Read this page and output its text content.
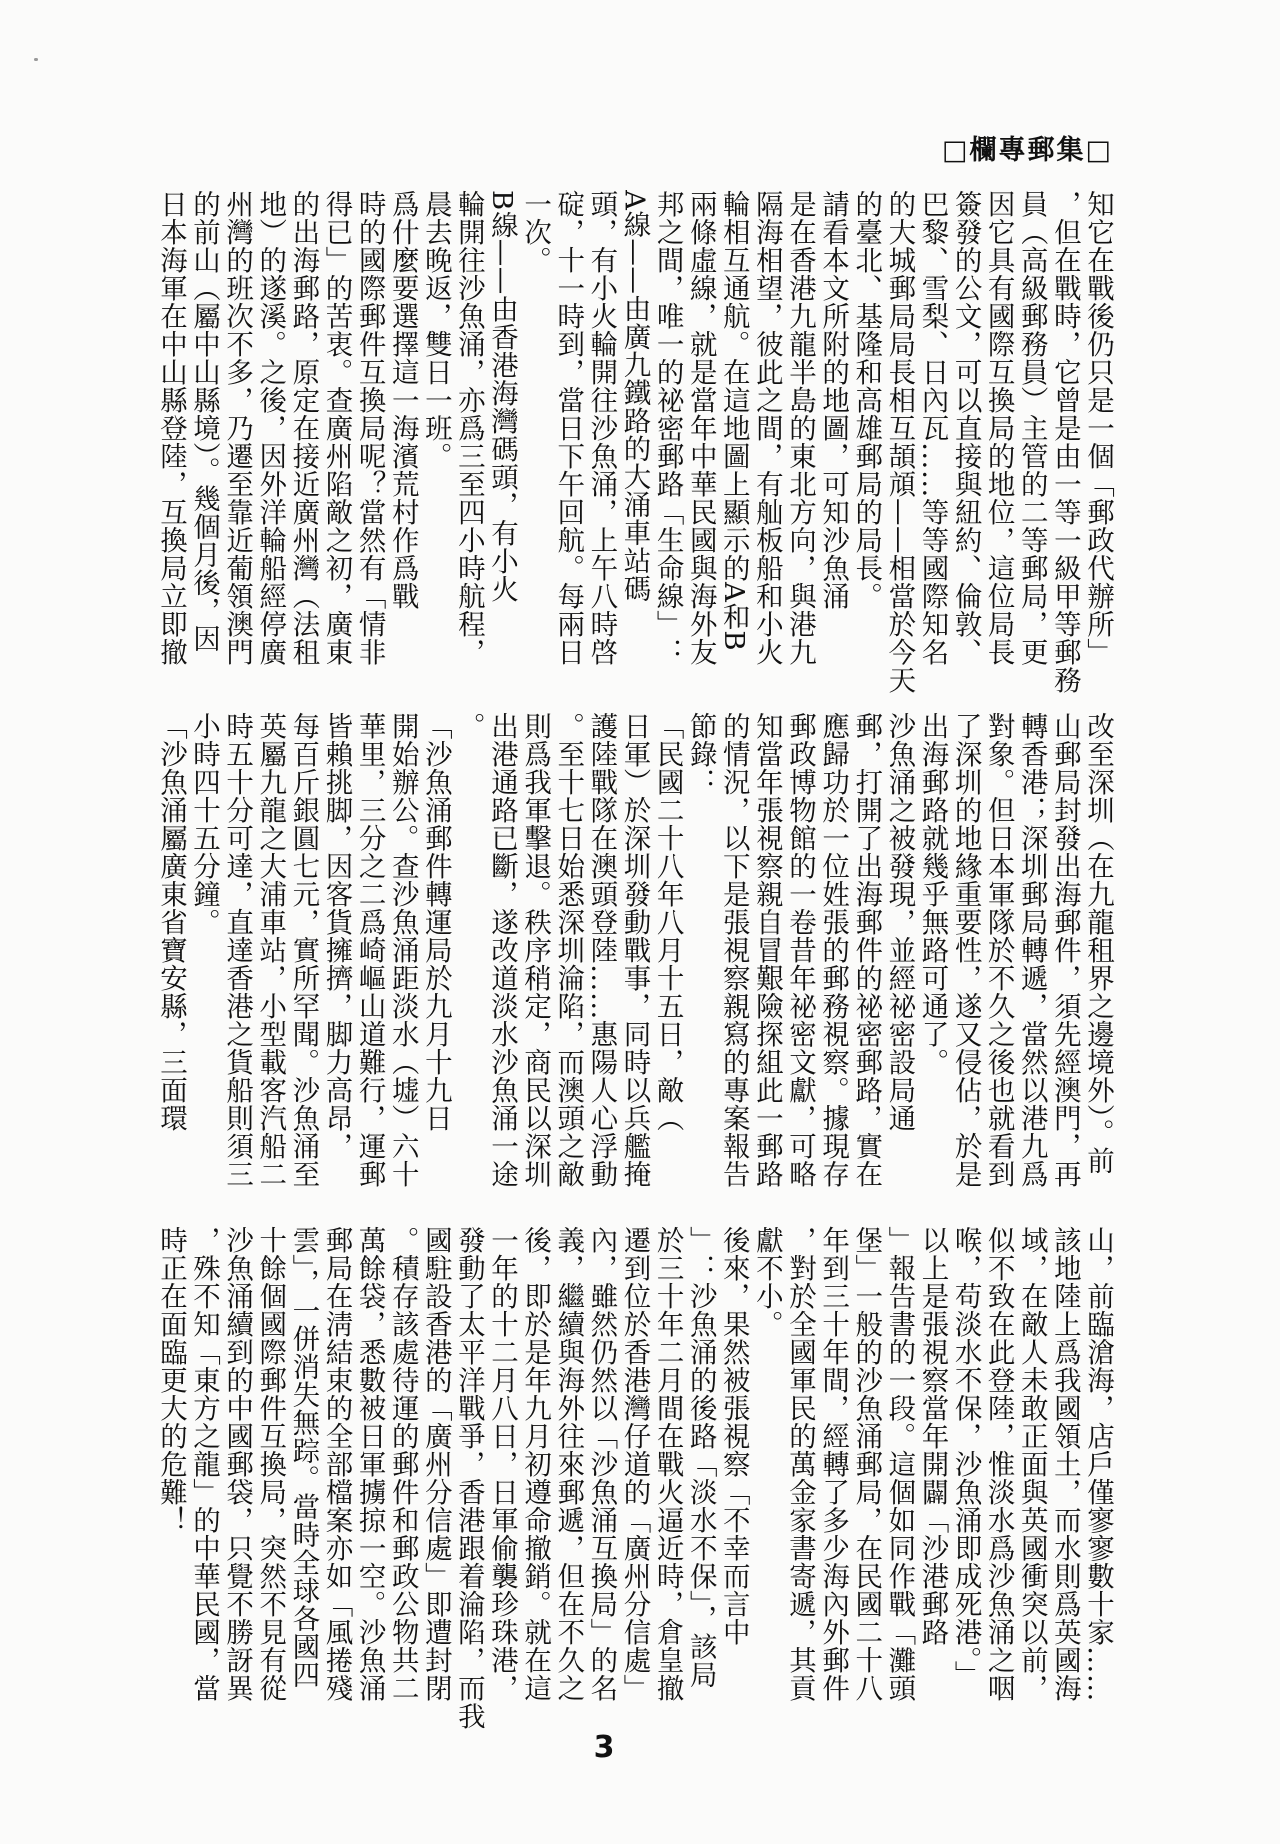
□欄專郵集□
知它在戰後仍只是一個「郵政代辦所」
，但在戰時，它曾是由一等一級甲等郵務
員（高級郵務員）主管的二等郵局，更
因它具有國際互換局的地位，這位局長
簽發的公文，可以直接與紐約、倫敦、
巴黎、雪梨、日內瓦……等等國際知名
的大城郵局局長相互頡頏——相當於今天
的臺北、基隆和高雄郵局的局長。
請看本文所附的地圖，可知沙魚涌
是在香港九龍半島的東北方向，與港九
隔海相望，彼此之間，有舢板船和小火
輪相互通航。在這地圖上顯示的A和B
兩條虛線，就是當年中華民國與海外友
邦之間，唯一的祕密郵路「生命線」：
A線——由廣九鐵路的大涌車站碼
頭，有小火輪開往沙魚涌，上午八時啓
碇，十一時到，當日下午回航。每兩日
一次。
B線——由香港海灣碼頭，有小火
輪開往沙魚涌，亦爲三至四小時航程，
晨去晚返，雙日一班。
爲什麼要選擇這一海濱荒村作爲戰
時的國際郵件互換局呢？當然有「情非
得已」的苦衷。查廣州陷敵之初，廣東
的出海郵路，原定在接近廣州灣（法租
地）的遂溪。之後，因外洋輪船經停廣
州灣的班次不多，乃遷至靠近葡領澳門
的前山（屬中山縣境）。幾個月後，因
日本海軍在中山縣登陸，互換局立即撤
改至深圳（在九龍租界之邊境外）。前
山郵局封發出海郵件，須先經澳門，再
轉香港；深圳郵局轉遞，當然以港九爲
對象。但日本軍隊於不久之後也就看到
了深圳的地緣重要性，遂又侵佔，於是
出海郵路就幾乎無路可通了。
沙魚涌之被發現，並經祕密設局通
郵，打開了出海郵件的祕密郵路，實在
應歸功於一位姓張的郵務視察。據現存
郵政博物館的一卷昔年祕密文獻，可略
知當年張視察親自冒艱險探組此一郵路
的情況，以下是張視察親寫的專案報告
節錄：
「民國二十八年八月十五日，敵（
日軍）於深圳發動戰事，同時以兵艦掩
護陸戰隊在澳頭登陸……惠陽人心浮動
。至十七日始悉深圳淪陷，而澳頭之敵
則爲我軍擊退。秩序稍定，商民以深圳
出港通路已斷，遂改道淡水沙魚涌一途
。
「沙魚涌郵件轉運局於九月十九日
開始辦公。查沙魚涌距淡水（墟）六十
華里，三分之二爲崎嶇山道難行，運郵
皆賴挑脚，因客貨擁擠，脚力高昂，
每百斤銀圓七元，實所罕聞。沙魚涌至
英屬九龍之大浦車站，小型載客汽船二
時五十分可達，直達香港之貨船則須三
小時四十五分鐘。
「沙魚涌屬廣東省寶安縣，三面環
山，前臨滄海，店戶僅寥寥數十家……
該地陸上爲我國領土，而水則爲英國海
域，在敵人未敢正面與英國衝突以前，
似不致在此登陸，惟淡水爲沙魚涌之咽
喉，苟淡水不保，沙魚涌即成死港。」
以上是張視察當年開闢「沙港郵路
」報告書的一段。這個如同作戰「灘頭
堡」一般的沙魚涌郵局，在民國二十八
年到三十年間，經轉了多少海內外郵件
，對於全國軍民的萬金家書寄遞，其貢
獻不小。
後來，果然被張視察「不幸而言中
」：沙魚涌的後路「淡水不保」，該局
於三十年二月間在戰火逼近時，倉皇撤
遷到位於香港灣仔道的「廣州分信處」
內，雖然仍然以「沙魚涌互換局」的名
義，繼續與海外往來郵遞，但在不久之
後，即於是年九月初遵命撤銷。就在這
一年的十二月八日，日軍偷襲珍珠港，
發動了太平洋戰爭，香港跟着淪陷，而我
國駐設香港的「廣州分信處」即遭封閉
。積存該處待運的郵件和郵政公物共二
萬餘袋，悉數被日軍擄掠一空。沙魚涌
郵局在淸結束的全部檔案亦如「風捲殘
雲」，一併消失無踪。當時全球各國四
十餘個國際郵件互換局，突然不見有從
沙魚涌續到的中國郵袋，只覺不勝訝異
，殊不知「東方之龍」的中華民國，當
時正在面臨更大的危難！
3
